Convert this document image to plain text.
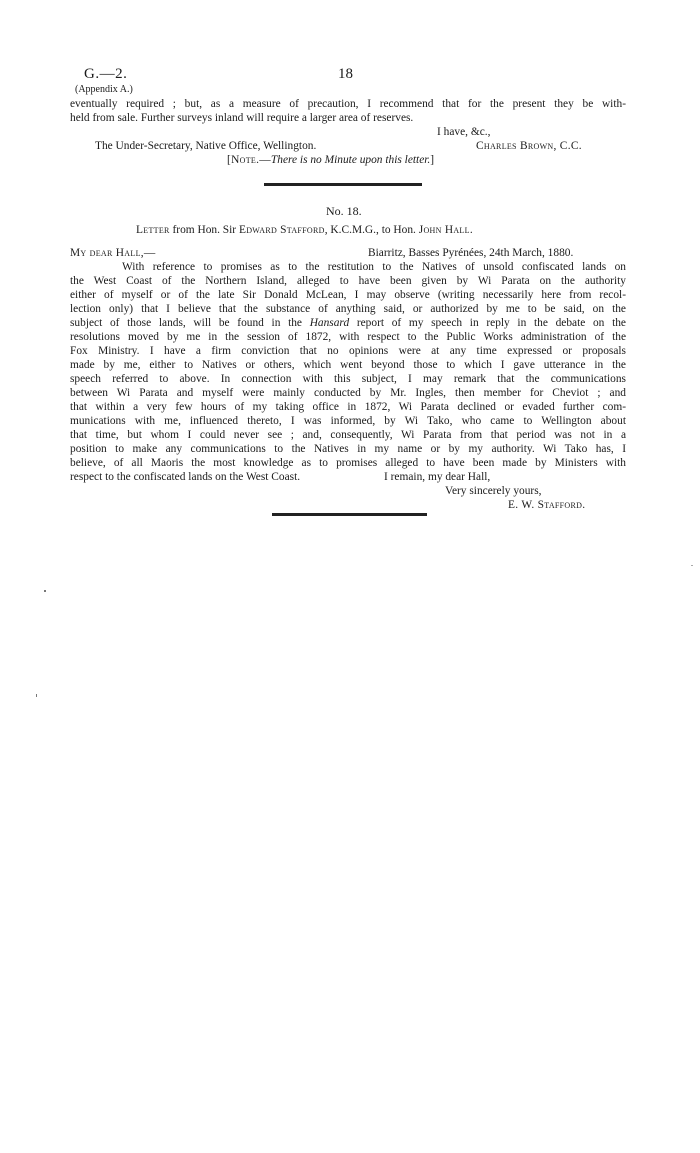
G.—2.
(Appendix A.)
18
eventually required ; but, as a measure of precaution, I recommend that for the present they be with-
held from sale. Further surveys inland will require a larger area of reserves.
I have, &c.,
The Under-Secretary, Native Office, Wellington.	Charles Brown, C.C.
[Note.—There is no Minute upon this letter.]
No. 18.
Letter from Hon. Sir Edward Stafford, K.C.M.G., to Hon. John Hall.
My dear Hall,—	Biarritz, Basses Pyrénées, 24th March, 1880.
With reference to promises as to the restitution to the Natives of unsold confiscated lands on
the West Coast of the Northern Island, alleged to have been given by Wi Parata on the authority
either of myself or of the late Sir Donald McLean, I may observe (writing necessarily here from recol-
lection only) that I believe that the substance of anything said, or authorized by me to be said, on the
subject of those lands, will be found in the Hansard report of my speech in reply in the debate on the
resolutions moved by me in the session of 1872, with respect to the Public Works administration of the
Fox Ministry. I have a firm conviction that no opinions were at any time expressed or proposals
made by me, either to Natives or others, which went beyond those to which I gave utterance in the
speech referred to above. In connection with this subject, I may remark that the communications
between Wi Parata and myself were mainly conducted by Mr. Ingles, then member for Cheviot ; and
that within a very few hours of my taking office in 1872, Wi Parata declined or evaded further com-
munications with me, influenced thereto, I was informed, by Wi Tako, who came to Wellington about
that time, but whom I could never see ; and, consequently, Wi Parata from that period was not in a
position to make any communications to the Natives in my name or by my authority. Wi Tako has, I
believe, of all Maoris the most knowledge as to promises alleged to have been made by Ministers with
respect to the confiscated lands on the West Coast.	I remain, my dear Hall,
Very sincerely yours,
E. W. Stafford.
